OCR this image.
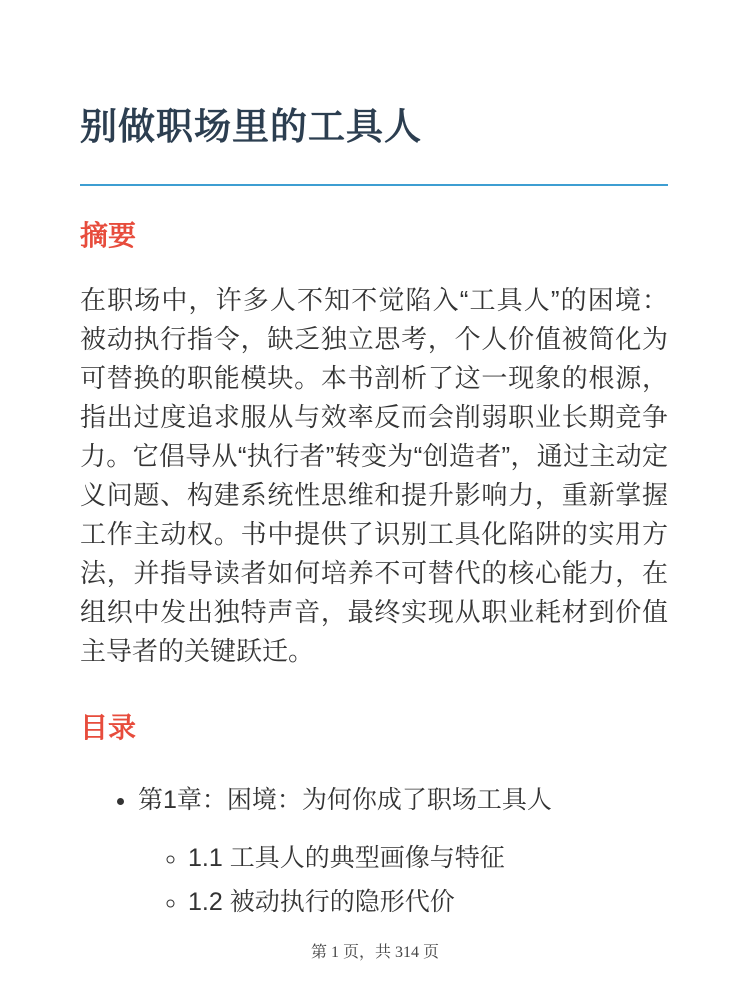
别做职场里的工具人
摘要

在职场中，许多人不知不觉陷入“工具人”的困境：被动执行指令，缺乏独立思考，个人价值被简化为可替换的职能模块。本书剖析了这一现象的根源，指出过度追求服从与效率反而会削弱职业长期竞争力。它倡导从“执行者”转变为“创造者”，通过主动定义问题、构建系统性思维和提升影响力，重新掌握工作主动权。书中提供了识别工具化陷阱的实用方法，并指导读者如何培养不可替代的核心能力，在组织中发出独特声音，最终实现从职业耗材到价值主导者的关键跃迁。

目录
• 第1章：困境：为何你成了职场工具人
◦ 1.1 工具人的典型画像与特征
◦ 1.2 被动执行的隐形代价
第 1 页，共 314 页
